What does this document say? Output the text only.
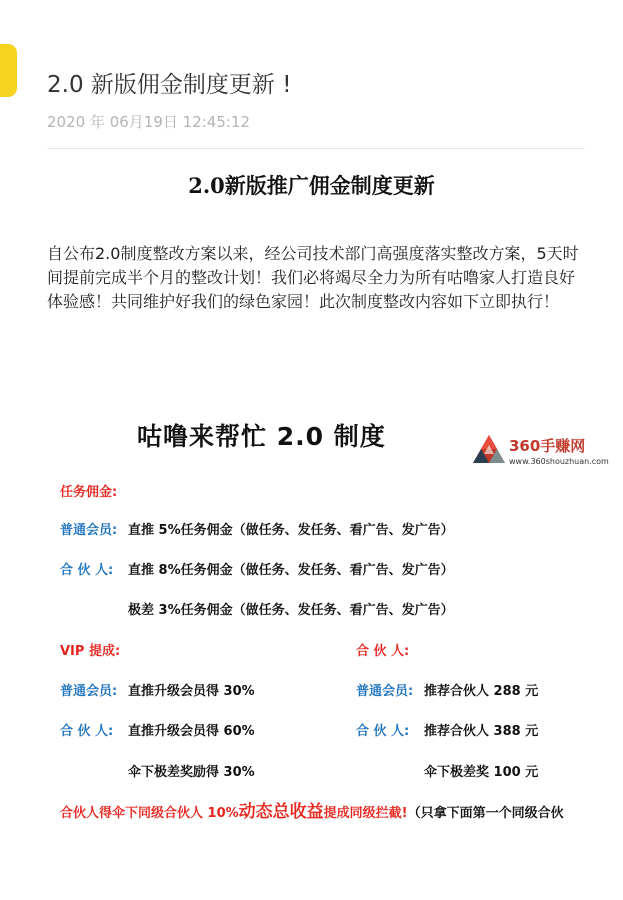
2.0 新版佣金制度更新 !
2020 年 06月19日 12:45:12
2.0新版推广佣金制度更新
自公布2.0制度整改方案以来，经公司技术部门高强度落实整改方案，5天时间提前完成半个月的整改计划！我们必将竭尽全力为所有咕噜家人打造良好体验感！共同维护好我们的绿色家园！此次制度整改内容如下立即执行！
咕噜来帮忙 2.0 制度	360手赚网
www.360shouzhuan.com
任务佣金:
普通会员: 直推 5%任务佣金（做任务、发任务、看广告、发广告）
合 伙 人: 直推 8%任务佣金（做任务、发任务、看广告、发广告）
极差 3%任务佣金（做任务、发任务、看广告、发广告）
VIP 提成:
普通会员: 直推升级会员得 30%
合 伙 人: 直推升级会员得 60%
伞下极差奖励得 30%
合 伙 人:
普通会员: 推荐合伙人 288 元
合 伙 人: 推荐合伙人 388 元
伞下极差奖 100 元
合伙人得伞下同级合伙人 10%动态总收益提成同级拦截!（只拿下面第一个同级合伙
